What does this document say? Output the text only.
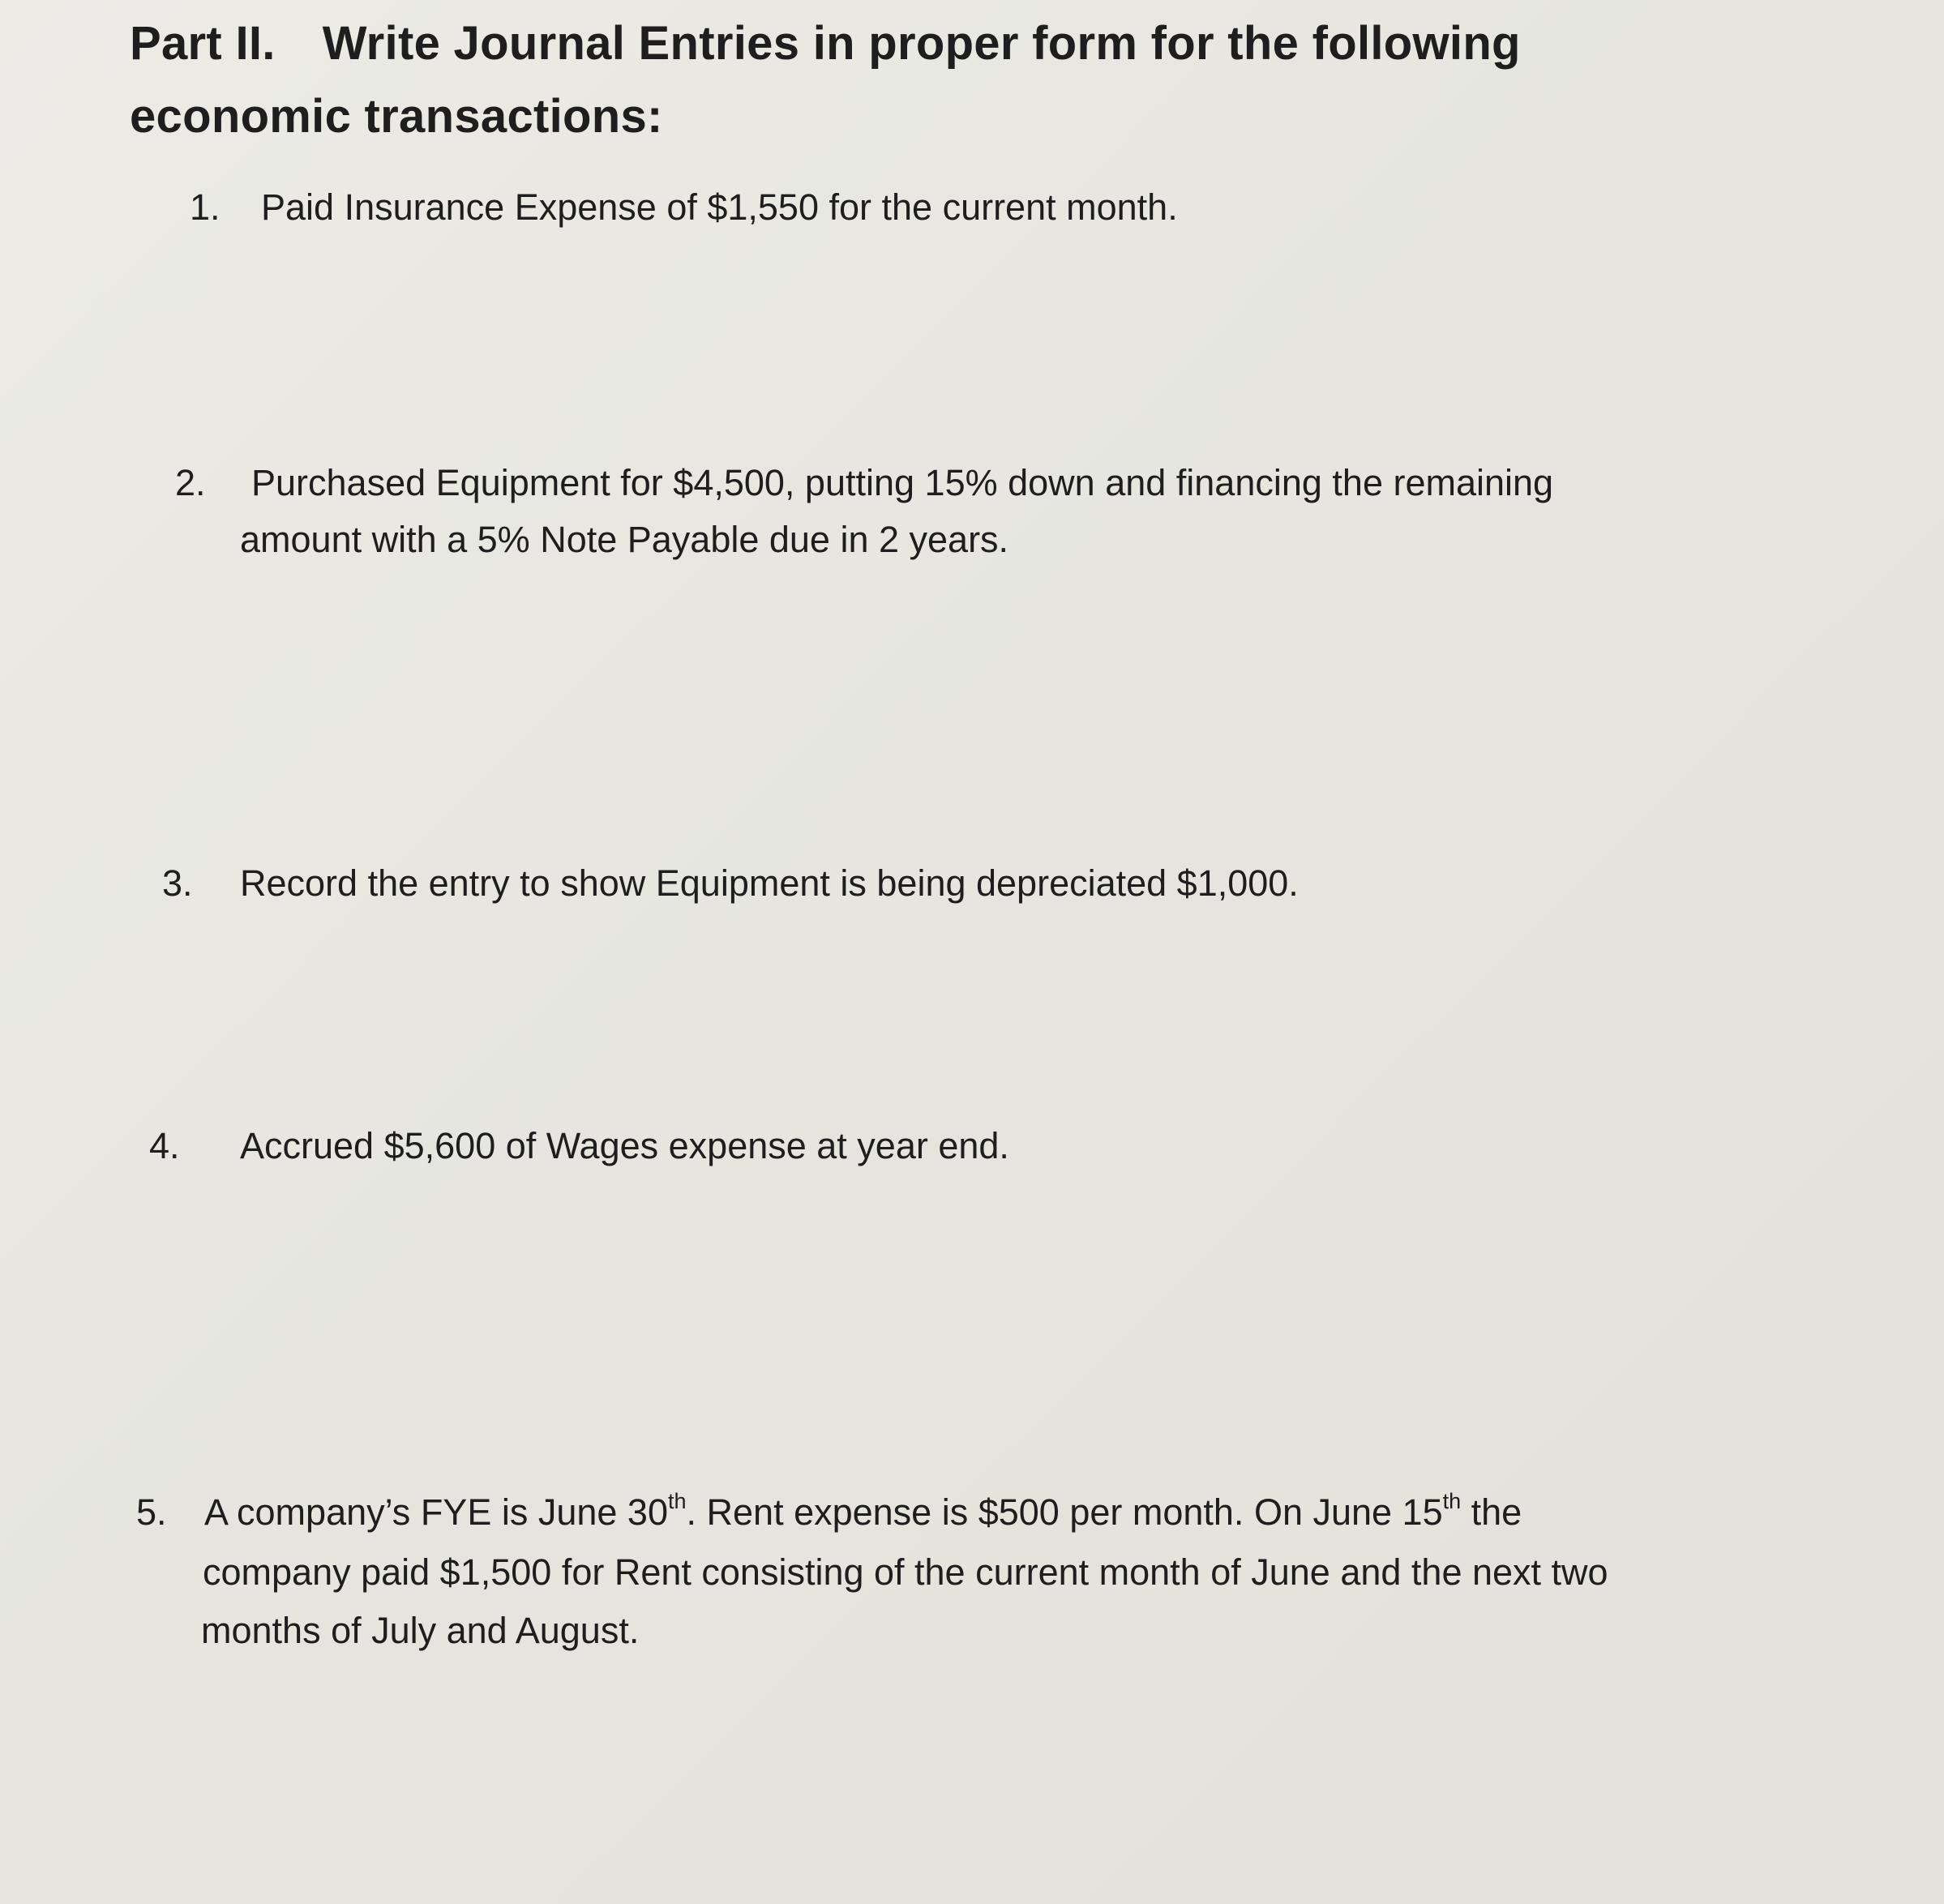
Part II. Write Journal Entries in proper form for the following
economic transactions:
1. Paid Insurance Expense of $1,550 for the current month.
2. Purchased Equipment for $4,500, putting 15% down and financing the remaining
amount with a 5% Note Payable due in 2 years.
3. Record the entry to show Equipment is being depreciated $1,000.
4. Accrued $5,600 of Wages expense at year end.
5. A company’s FYE is June 30th. Rent expense is $500 per month. On June 15th the
company paid $1,500 for Rent consisting of the current month of June and the next two
months of July and August.
